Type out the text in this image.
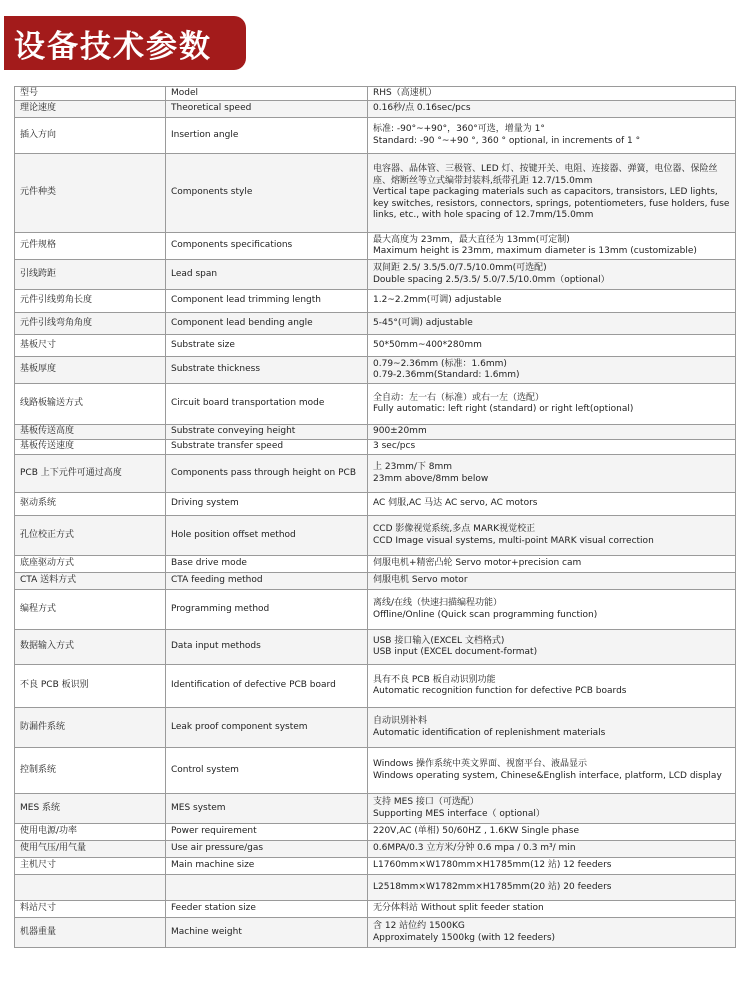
设备技术参数
型号	Model	RHS（高速机）

理论速度	Theoretical speed	0.16秒/点 0.16sec/pcs

插入方向	Insertion angle	标准: -90°~+90°，360°可选，增量为 1°
Standard: -90 °~+90 °, 360 ° optional, in increments of 1 °

元件种类	Components style	电容器、晶体管、三极管、LED 灯、按键开关、电阻、连接器、弹簧，电位器、保险丝座、熔断丝等立式编带封装料,纸带孔距 12.7/15.0mm
Vertical tape packaging materials such as capacitors, transistors, LED lights, key switches, resistors, connectors, springs, potentiometers, fuse holders, fuse links, etc., with hole spacing of 12.7mm/15.0mm

元件规格	Components specifications	最大高度为 23mm，最大直径为 13mm(可定制)
Maximum height is 23mm, maximum diameter is 13mm (customizable)

引线跨距	Lead span	双间距 2.5/ 3.5/5.0/7.5/10.0mm(可选配)
Double spacing 2.5/3.5/ 5.0/7.5/10.0mm（optional）

元件引线剪角长度	Component lead trimming length	1.2~2.2mm(可调) adjustable

元件引线弯角角度	Component lead bending angle	5-45°(可调) adjustable

基板尺寸	Substrate size	50*50mm~400*280mm

基板厚度	Substrate thickness	0.79~2.36mm (标准：1.6mm)
0.79-2.36mm(Standard: 1.6mm)

线路板输送方式	Circuit board transportation mode	全自动：左一右（标准）或右一左（选配）
Fully automatic: left right (standard) or right left(optional)

基板传送高度	Substrate conveying height	900±20mm

基板传送速度	Substrate transfer speed	3 sec/pcs

PCB 上下元件可通过高度	Components pass through height on PCB	上 23mm/下 8mm
23mm above/8mm below

驱动系统	Driving system	AC 伺服,AC 马达 AC servo, AC motors

孔位校正方式	Hole position offset method	CCD 影像视觉系统,多点 MARK视觉校正
CCD Image visual systems, multi-point MARK visual correction

底座驱动方式	Base drive mode	伺服电机+精密凸轮 Servo motor+precision cam

CTA 送料方式	CTA feeding method	伺服电机 Servo motor

编程方式	Programming method	离线/在线（快速扫描编程功能）
Offline/Online (Quick scan programming function)

数据输入方式	Data input methods	USB 接口输入(EXCEL 文档格式)
USB input (EXCEL document-format)

不良 PCB 板识别	Identification of defective PCB board	具有不良 PCB 板自动识别功能
Automatic recognition function for defective PCB boards

防漏件系统	Leak proof component system	自动识别补料
Automatic identification of replenishment materials

控制系统	Control system	Windows 操作系统中英文界面、视窗平台、液晶显示
Windows operating system, Chinese&English interface, platform, LCD display

MES 系统	MES system	支持 MES 接口（可选配）
Supporting MES interface（ optional）

使用电源/功率	Power requirement	220V,AC (单相) 50/60HZ , 1.6KW Single phase

使用气压/用气量	Use air pressure/gas	0.6MPA/0.3 立方米/分钟 0.6 mpa / 0.3 m³/ min

主机尺寸	Main machine size	L1760mm×W1780mm×H1785mm(12 站) 12 feeders

		L2518mm×W1782mm×H1785mm(20 站) 20 feeders

料站尺寸	Feeder station size	无分体料站 Without split feeder station

机器重量	Machine weight	含 12 站位约 1500KG
Approximately 1500kg (with 12 feeders)
